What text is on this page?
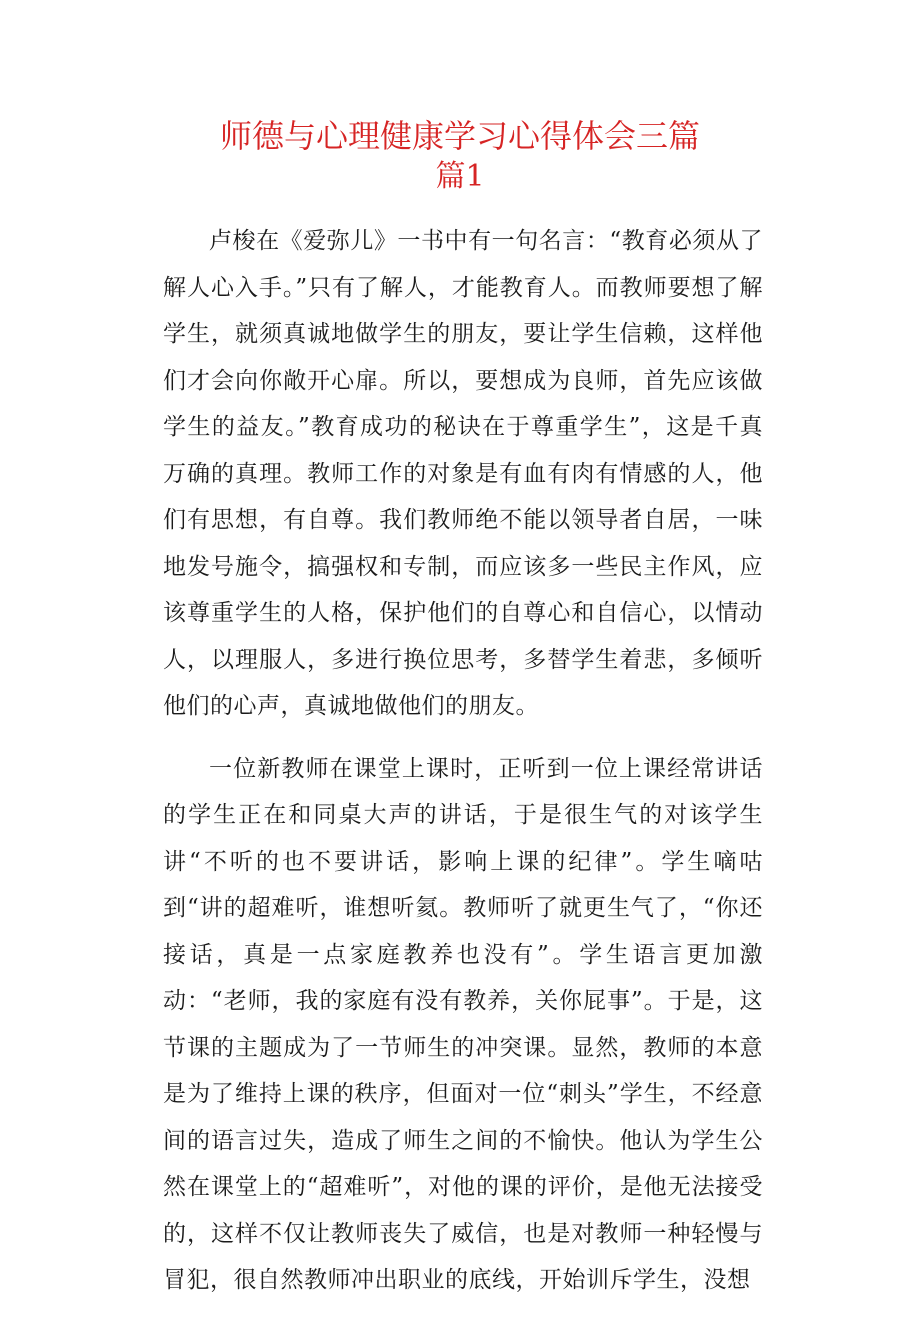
师德与心理健康学习心得体会三篇
篇1

卢梭在《爱弥儿》一书中有一句名言：“教育必须从了解人心入手。”只有了解人，才能教育人。而教师要想了解学生，就须真诚地做学生的朋友，要让学生信赖，这样他们才会向你敞开心扉。所以，要想成为良师，首先应该做学生的益友。”教育成功的秘诀在于尊重学生”，这是千真万确的真理。教师工作的对象是有血有肉有情感的人，他们有思想，有自尊。我们教师绝不能以领导者自居，一味地发号施令，搞强权和专制，而应该多一些民主作风，应该尊重学生的人格，保护他们的自尊心和自信心，以情动人，以理服人，多进行换位思考，多替学生着悲，多倾听他们的心声，真诚地做他们的朋友。

一位新教师在课堂上课时，正听到一位上课经常讲话的学生正在和同桌大声的讲话，于是很生气的对该学生讲“不听的也不要讲话，影响上课的纪律”。学生嘀咕到“讲的超难听，谁想听氦。教师听了就更生气了，“你还接话，真是一点家庭教养也没有”。学生语言更加激动：“老师，我的家庭有没有教养，关你屁事”。于是，这节课的主题成为了一节师生的冲突课。显然，教师的本意是为了维持上课的秩序，但面对一位“刺头”学生，不经意间的语言过失，造成了师生之间的不愉快。他认为学生公然在课堂上的“超难听”，对他的课的评价，是他无法接受的，这样不仅让教师丧失了威信，也是对教师一种轻慢与冒犯，很自然教师冲出职业的底线，开始训斥学生，没想
